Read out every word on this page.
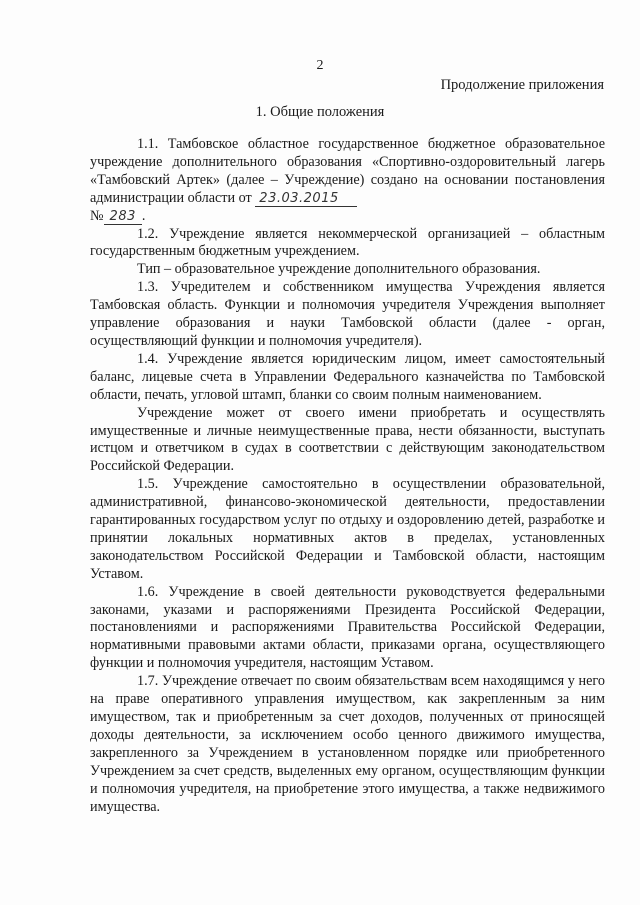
2
Продолжение приложения
1. Общие положения

1.1. Тамбовское областное государственное бюджетное образовательное учреждение дополнительного образования «Спортивно-оздоровительный лагерь «Тамбовский Артек» (далее – Учреждение) создано на основании постановления администрации области от 23.03.2015
№ 283 .

1.2. Учреждение является некоммерческой организацией – областным государственным бюджетным учреждением.

Тип – образовательное учреждение дополнительного образования.

1.3. Учредителем и собственником имущества Учреждения является Тамбовская область. Функции и полномочия учредителя Учреждения выполняет управление образования и науки Тамбовской области (далее - орган, осуществляющий функции и полномочия учредителя).

1.4. Учреждение является юридическим лицом, имеет самостоятельный баланс, лицевые счета в Управлении Федерального казначейства по Тамбовской области, печать, угловой штамп, бланки со своим полным наименованием.

Учреждение может от своего имени приобретать и осуществлять имущественные и личные неимущественные права, нести обязанности, выступать истцом и ответчиком в судах в соответствии с действующим законодательством Российской Федерации.

1.5. Учреждение самостоятельно в осуществлении образовательной, административной, финансово-экономической деятельности, предоставлении гарантированных государством услуг по отдыху и оздоровлению детей, разработке и принятии локальных нормативных актов в пределах, установленных законодательством Российской Федерации и Тамбовской области, настоящим Уставом.

1.6. Учреждение в своей деятельности руководствуется федеральными законами, указами и распоряжениями Президента Российской Федерации, постановлениями и распоряжениями Правительства Российской Федерации, нормативными правовыми актами области, приказами органа, осуществляющего функции и полномочия учредителя, настоящим Уставом.

1.7. Учреждение отвечает по своим обязательствам всем находящимся у него на праве оперативного управления имуществом, как закрепленным за ним имуществом, так и приобретенным за счет доходов, полученных от приносящей доходы деятельности, за исключением особо ценного движимого имущества, закрепленного за Учреждением в установленном порядке или приобретенного Учреждением за счет средств, выделенных ему органом, осуществляющим функции и полномочия учредителя, на приобретение этого имущества, а также недвижимого имущества.
